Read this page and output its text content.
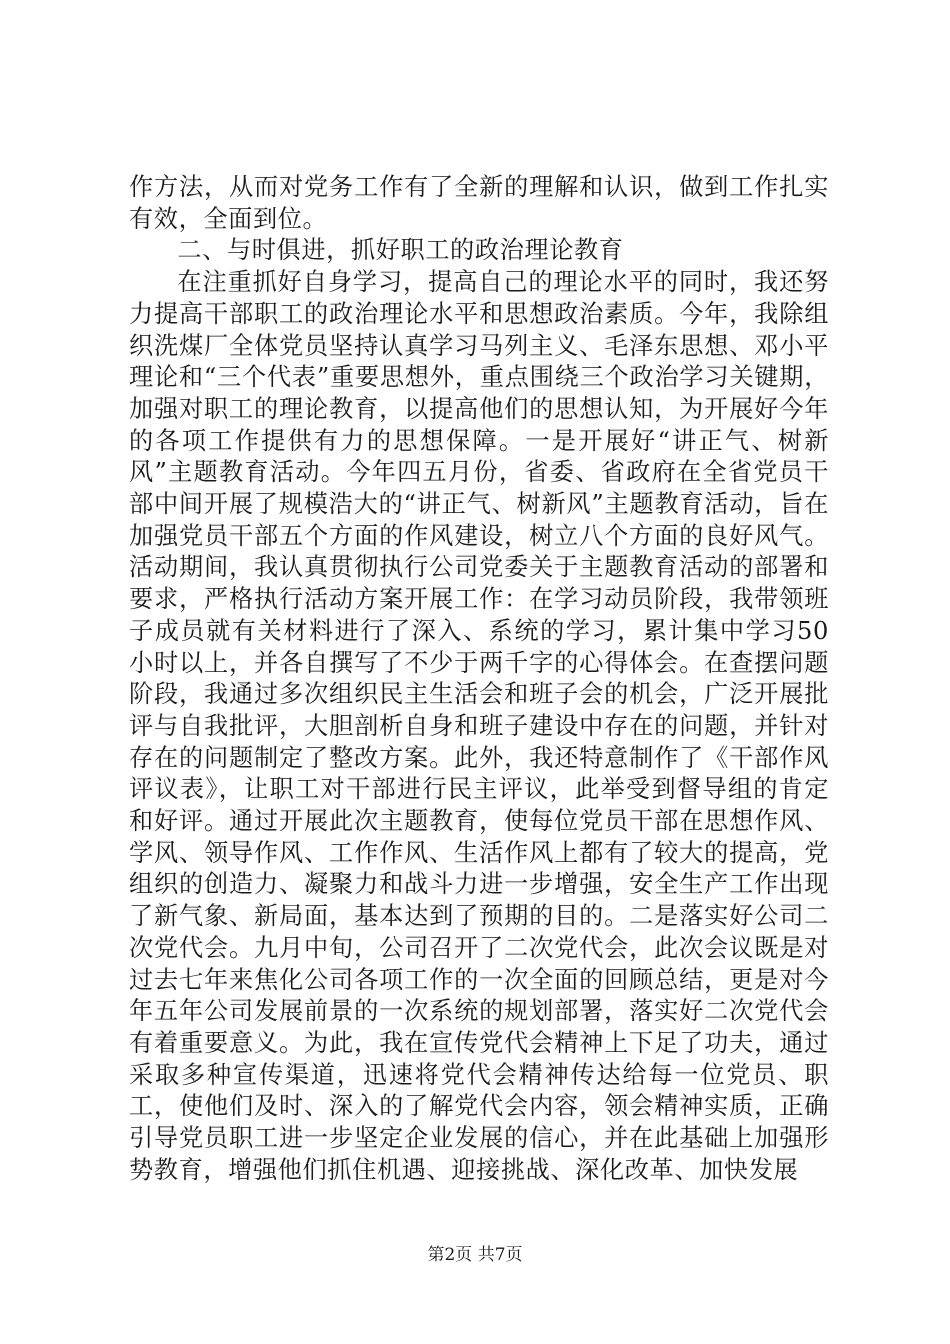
作方法，从而对党务工作有了全新的理解和认识，做到工作扎实有效，全面到位。

二、与时俱进，抓好职工的政治理论教育

在注重抓好自身学习，提高自己的理论水平的同时，我还努力提高干部职工的政治理论水平和思想政治素质。今年，我除组织洗煤厂全体党员坚持认真学习马列主义、毛泽东思想、邓小平理论和“三个代表”重要思想外，重点围绕三个政治学习关键期，加强对职工的理论教育，以提高他们的思想认知，为开展好今年的各项工作提供有力的思想保障。一是开展好“讲正气、树新风”主题教育活动。今年四五月份，省委、省政府在全省党员干部中间开展了规模浩大的“讲正气、树新风”主题教育活动，旨在加强党员干部五个方面的作风建设，树立八个方面的良好风气。活动期间，我认真贯彻执行公司党委关于主题教育活动的部署和要求，严格执行活动方案开展工作：在学习动员阶段，我带领班子成员就有关材料进行了深入、系统的学习，累计集中学习50小时以上，并各自撰写了不少于两千字的心得体会。在查摆问题阶段，我通过多次组织民主生活会和班子会的机会，广泛开展批评与自我批评，大胆剖析自身和班子建设中存在的问题，并针对存在的问题制定了整改方案。此外，我还特意制作了《干部作风评议表》，让职工对干部进行民主评议，此举受到督导组的肯定和好评。通过开展此次主题教育，使每位党员干部在思想作风、学风、领导作风、工作作风、生活作风上都有了较大的提高，党组织的创造力、凝聚力和战斗力进一步增强，安全生产工作出现了新气象、新局面，基本达到了预期的目的。二是落实好公司二次党代会。九月中旬，公司召开了二次党代会，此次会议既是对过去七年来焦化公司各项工作的一次全面的回顾总结，更是对今年五年公司发展前景的一次系统的规划部署，落实好二次党代会有着重要意义。为此，我在宣传党代会精神上下足了功夫，通过采取多种宣传渠道，迅速将党代会精神传达给每一位党员、职工，使他们及时、深入的了解党代会内容，领会精神实质，正确引导党员职工进一步坚定企业发展的信心，并在此基础上加强形势教育，增强他们抓住机遇、迎接挑战、深化改革、加快发展

第2页 共7页
